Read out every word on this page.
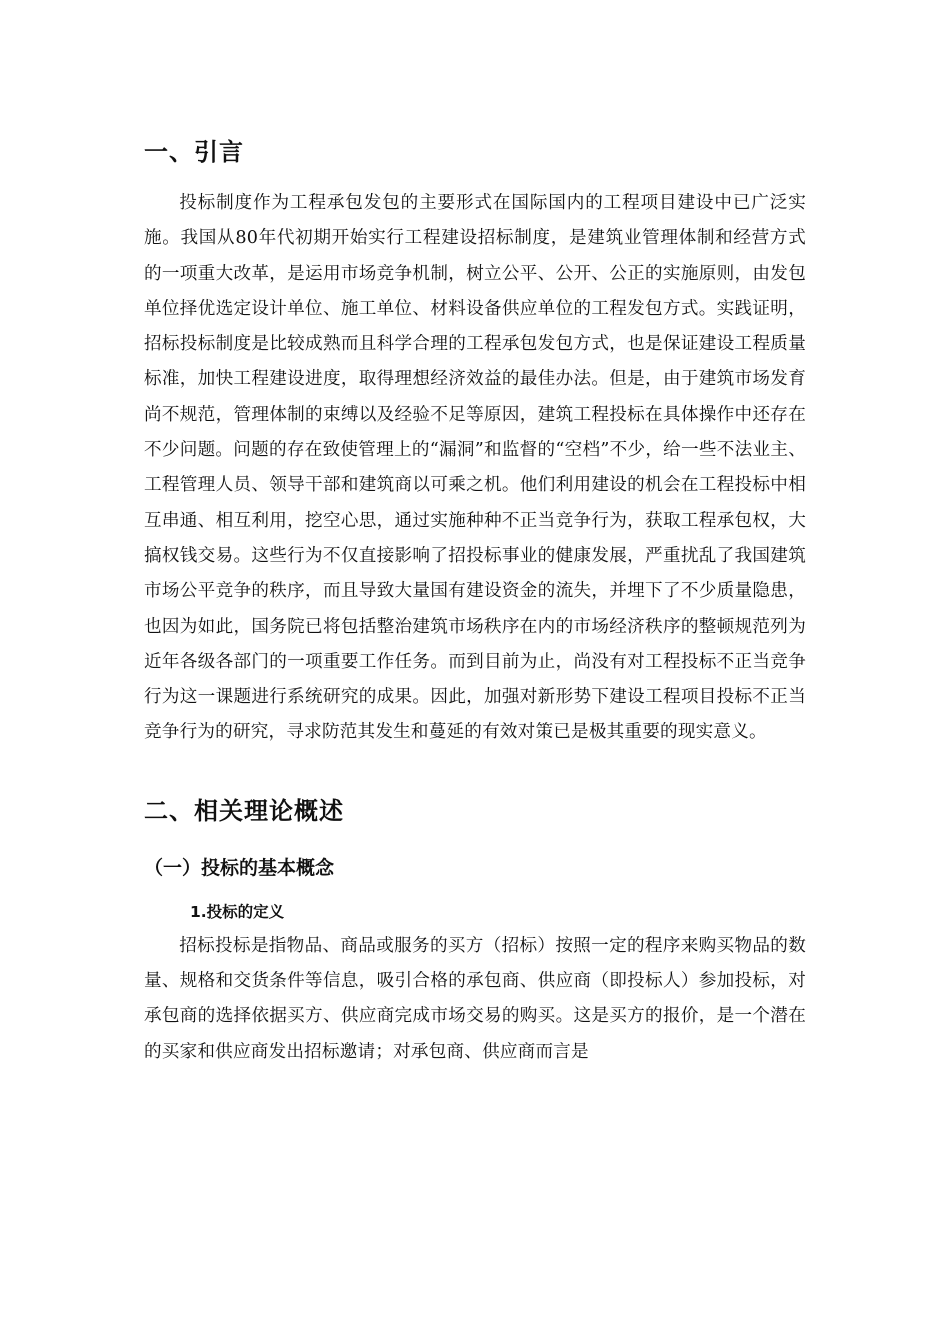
一、引言

投标制度作为工程承包发包的主要形式在国际国内的工程项目建设中已广泛实施。我国从80年代初期开始实行工程建设招标制度，是建筑业管理体制和经营方式的一项重大改革，是运用市场竞争机制，树立公平、公开、公正的实施原则，由发包单位择优选定设计单位、施工单位、材料设备供应单位的工程发包方式。实践证明，招标投标制度是比较成熟而且科学合理的工程承包发包方式，也是保证建设工程质量标准，加快工程建设进度，取得理想经济效益的最佳办法。但是，由于建筑市场发育尚不规范，管理体制的束缚以及经验不足等原因，建筑工程投标在具体操作中还存在不少问题。问题的存在致使管理上的“漏洞”和监督的“空档”不少，给一些不法业主、工程管理人员、领导干部和建筑商以可乘之机。他们利用建设的机会在工程投标中相互串通、相互利用，挖空心思，通过实施种种不正当竞争行为，获取工程承包权，大搞权钱交易。这些行为不仅直接影响了招投标事业的健康发展，严重扰乱了我国建筑市场公平竞争的秩序，而且导致大量国有建设资金的流失，并埋下了不少质量隐患，也因为如此，国务院已将包括整治建筑市场秩序在内的市场经济秩序的整顿规范列为近年各级各部门的一项重要工作任务。而到目前为止，尚没有对工程投标不正当竞争行为这一课题进行系统研究的成果。因此，加强对新形势下建设工程项目投标不正当竞争行为的研究，寻求防范其发生和蔓延的有效对策已是极其重要的现实意义。

二、相关理论概述
（一）投标的基本概念
1.投标的定义

招标投标是指物品、商品或服务的买方（招标）按照一定的程序来购买物品的数量、规格和交货条件等信息，吸引合格的承包商、供应商（即投标人）参加投标，对承包商的选择依据买方、供应商完成市场交易的购买。这是买方的报价，是一个潜在的买家和供应商发出招标邀请；对承包商、供应商而言是
